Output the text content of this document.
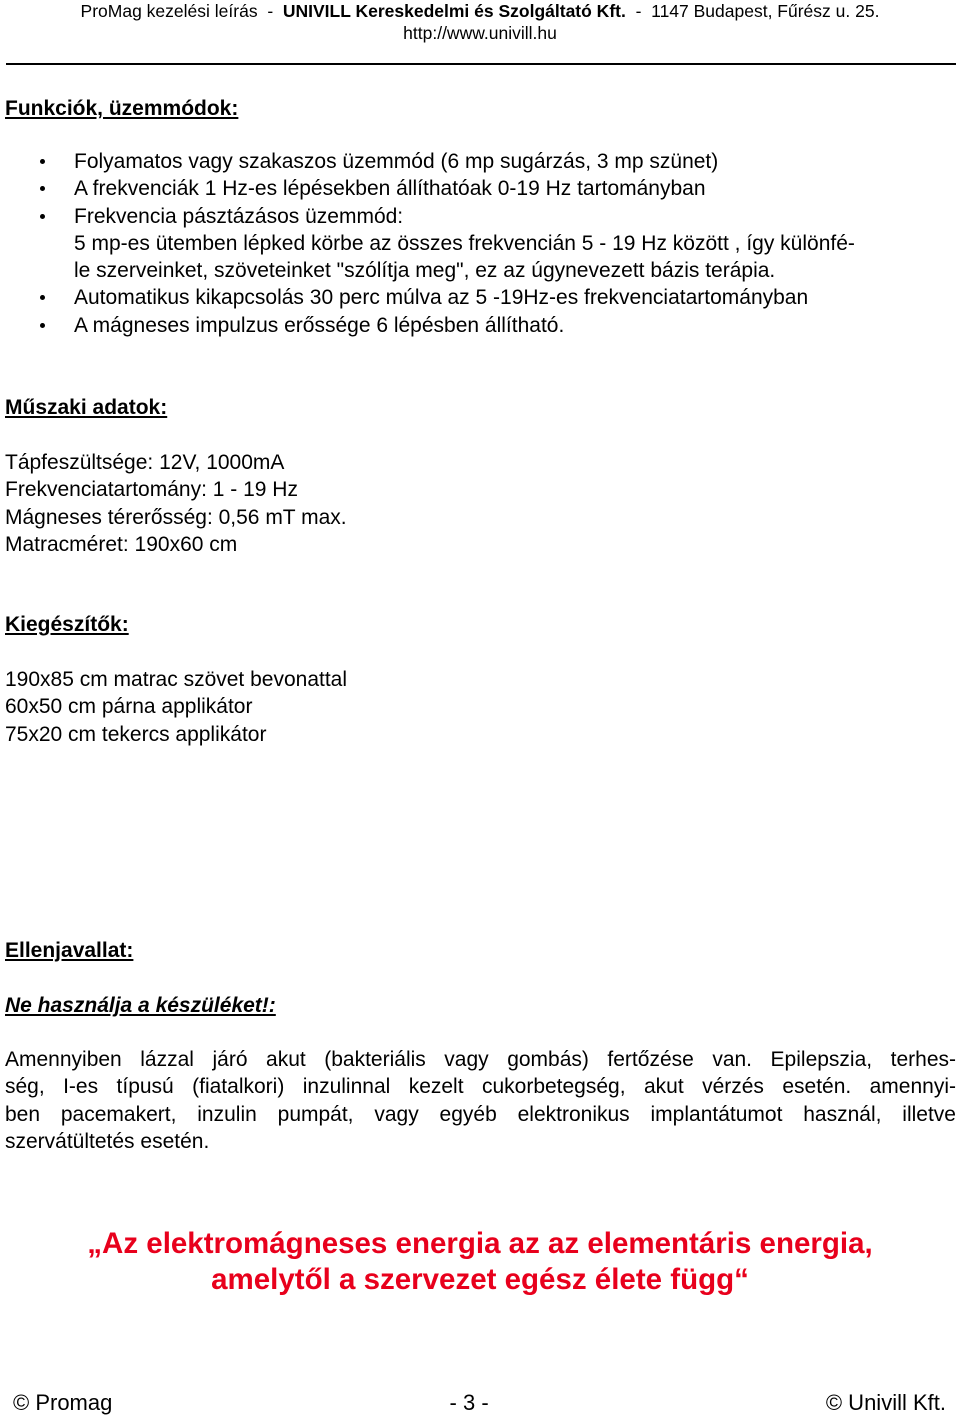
ProMag kezelési leírás - UNIVILL Kereskedelmi és Szolgáltató Kft. - 1147 Budapest, Fűrész u. 25.
http://www.univill.hu
Funkciók, üzemmódok:
Folyamatos vagy szakaszos üzemmód (6 mp sugárzás, 3 mp szünet)
A frekvenciák 1 Hz-es lépésekben állíthatóak 0-19 Hz tartományban
Frekvencia pásztázásos üzemmód:
5 mp-es ütemben lépked körbe az összes frekvencián 5 - 19 Hz között , így különfé-
le szerveinket, szöveteinket "szólítja meg", ez az úgynevezett bázis terápia.
Automatikus kikapcsolás 30 perc múlva az 5 -19Hz-es frekvenciatartományban
A mágneses impulzus erőssége 6 lépésben állítható.
Műszaki adatok:
Tápfeszültsége: 12V, 1000mA
Frekvenciatartomány: 1 - 19 Hz
Mágneses térerősség: 0,56 mT max.
Matracméret: 190x60 cm
Kiegészítők:
190x85 cm matrac szövet bevonattal
60x50 cm párna applikátor
75x20 cm tekercs applikátor
Ellenjavallat:
Ne használja a készüléket!:
Amennyiben lázzal járó akut (bakteriális vagy gombás) fertőzése van. Epilepszia, terhes-
ség, I-es típusú (fiatalkori) inzulinnal kezelt cukorbetegség, akut vérzés esetén. amennyi-
ben pacemakert, inzulin pumpát, vagy egyéb elektronikus implantátumot használ, illetve
szervátültetés esetén.
„Az elektromágneses energia az az elementáris energia,
amelytől a szervezet egész élete függ“
© Promag	- 3 -	© Univill Kft.
